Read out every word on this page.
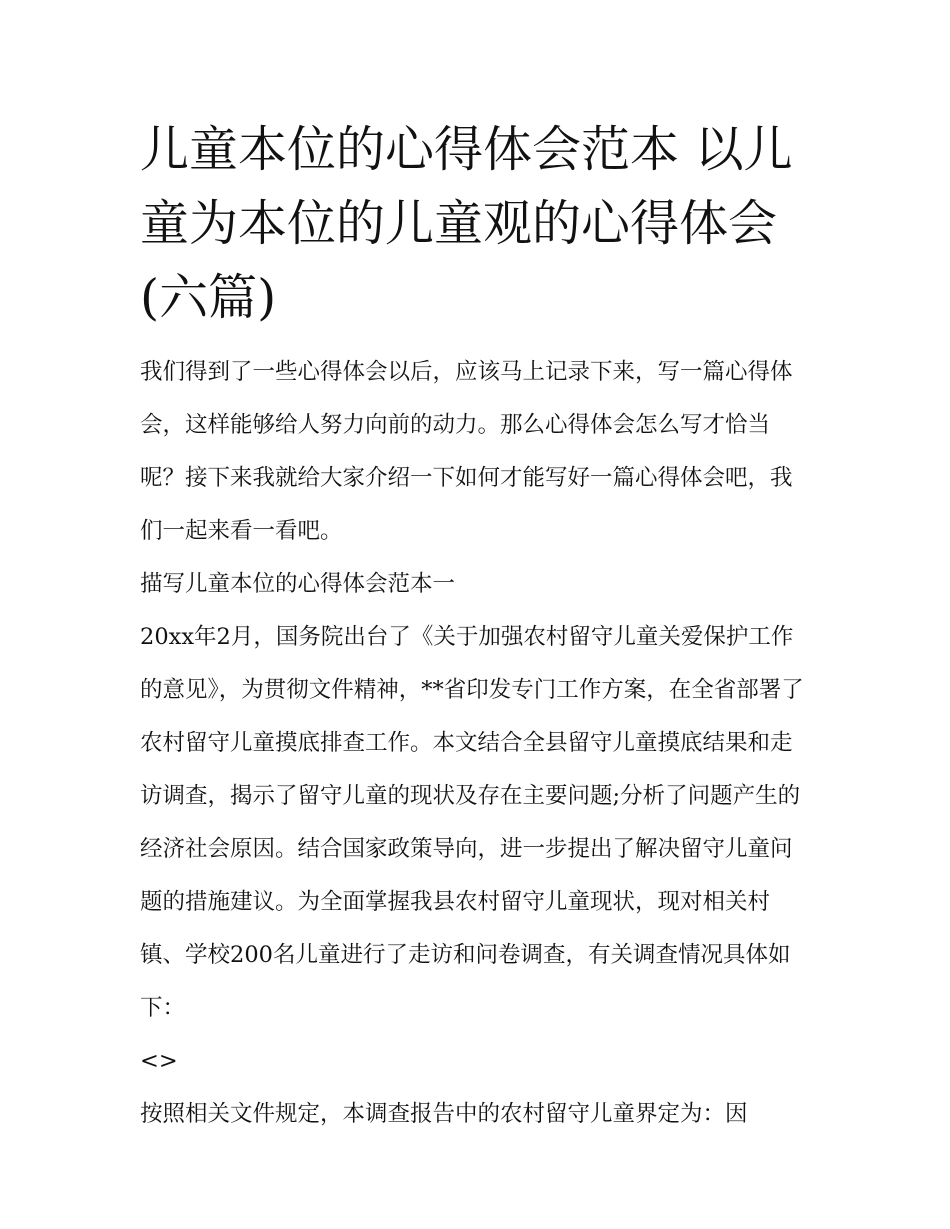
儿童本位的心得体会范本 以儿童为本位的儿童观的心得体会(六篇)

我们得到了一些心得体会以后，应该马上记录下来，写一篇心得体会，这样能够给人努力向前的动力。那么心得体会怎么写才恰当呢？接下来我就给大家介绍一下如何才能写好一篇心得体会吧，我们一起来看一看吧。

描写儿童本位的心得体会范本一

20xx年2月，国务院出台了《关于加强农村留守儿童关爱保护工作的意见》，为贯彻文件精神，**省印发专门工作方案，在全省部署了农村留守儿童摸底排查工作。本文结合全县留守儿童摸底结果和走访调查，揭示了留守儿童的现状及存在主要问题;分析了问题产生的经济社会原因。结合国家政策导向，进一步提出了解决留守儿童问题的措施建议。为全面掌握我县农村留守儿童现状，现对相关村镇、学校200名儿童进行了走访和问卷调查，有关调查情况具体如下：

<>

按照相关文件规定，本调查报告中的农村留守儿童界定为：因
